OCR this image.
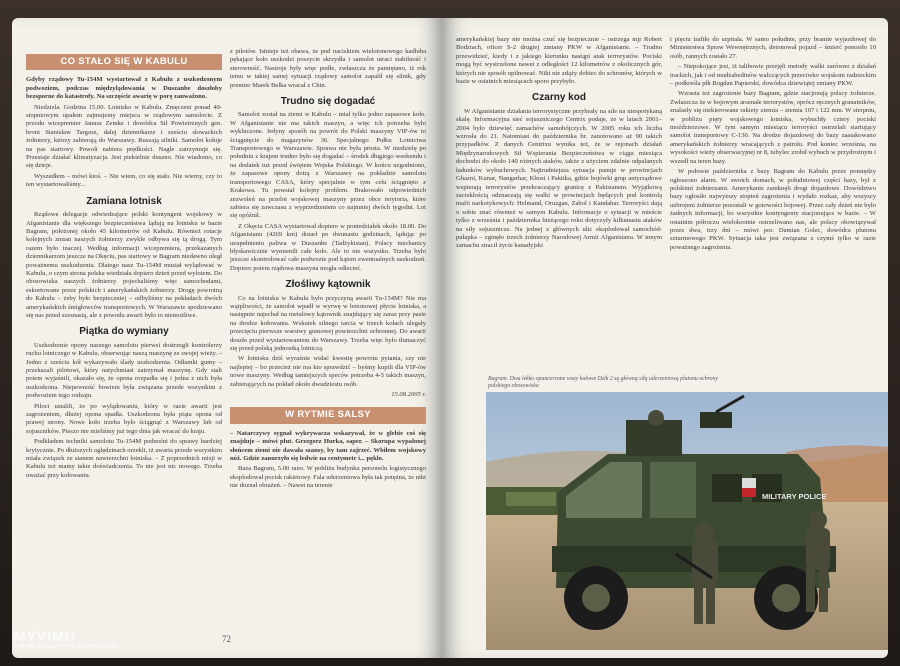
CO STAŁO SIĘ W KABULU

Gdyby rządowy Tu-154M wystartował z Kabulu z uszkodzonym podwoziem, podczas międzylądowania w Duszanbe doszłoby bezsporne do katastrofy. Na szczęście awarię w porę zauważono.

Niedziela. Godzina 15.00. Lotnisko w Kabulu. Zmęczeni ponad 40-stopniowym upałem zajmujemy miejsca w rządowym samolocie. Z przodu wicepremier Janusz Zemke i dowódca Sił Powietrznych gen. broni Stanisław Targosz, dalej dziennikarze i sześciu słowackich żołnierzy, którzy zabierają do Warszawy. Ruszają silniki. Samolot kołuje na pas startowy. Powoli nabiera prędkości. Nagle zatrzymuje się. Przestaje działać klimatyzacja. Jest piekielnie duszno. Nie wiadomo, co się dzieje.

Wyszedłem – mówi ktoś. – Nie wiem, co się stało. Nie wiemy, czy to ten wystartowaliśmy...

Zamiana lotnisk

Rządowe delegacje odwiedzające polski kontyngent wojskowy w Afganistanie dla większego bezpieczeństwa lądują na lotnisku w bazie Bagram, położonej około 45 kilometrów od Kabulu. Również rotacje kolejnych zmian naszych żołnierzy zwykle odbywa się tą drogą. Tym razem było inaczej. Według informacji wicepremiera, przekazanych dziennikarzom jeszcze na Okęciu, pas startowy w Bagram niedawno uległ poważnemu uszkodzeniu. Dlatego nasz Tu-154M musiał wylądować w Kabulu, o czym strona polska wiedziała dopiero dzień przed wylotem. Do obozowiska naszych żołnierzy pojechaliśmy więc samochodami, eskortowane przez polskich i amerykańskich żołnierzy. Drogę powrotną do Kabulu – żeby było bezpieczniej – odbyliśmy na pokładach dwóch amerykańskich śmigłowców transportowych. W Warszawie spodziewano się nas przed szesnastą, ale z powodu awarii było to niemożliwe.

Piątka do wymiany

Uszkodzenie opony naszego samolotu pierwsi dostrzegli kontrolerzy ruchu lotniczego w Kabulu, obserwując naszą maszynę ze swojej wieży. – Jedno z sześciu kół wykazywało ślady uszkodzenia. Odłamki gumy – przekazali pilotowi, który natychmiast zatrzymał maszynę. Gdy stali potem wyjaśnili, okazało się, że opona rozpadła się i jedna z nich była uszkodzona. Niepewność bowiem była związana przede wszystkim z podwoziem tego rodzaju.

Piloci ustalili, że po wylądowaniu, który w razie awarii jest zagrożeniem, dłużej opona spadła. Uszkodzona była piąta opona od prawej strony. Nowe koło trzeba było ściągnąć z Warszawy lub od sojuszników. Pieszo nie mieliśmy już tego dnia jak wracać do kraju.

Podkładem techniki samolotu Tu-154M podnośni do sprawy bardziej krytycznie. Po dłuższych oględzinach orzekli, iż awaria przede wszystkim miała związek ze stanem nawierzchni lotniska. – Z poprzednich misji w Kabulu też mamy takie doświadczenia. To nie jest nic nowego. Trzeba uważać przy kołowaniu.

z pilotów. Istnieje też obawa, że pod naciskiem wielotonowego kadłuba pękające koło uszkodzi poszycie skrzydła i samolot utraci stabilność i sterowność. Nastroje były więc podłe, zwłaszcza że pamiętano, iż rok temu w takiej samej sytuacji rządowy samolot zapalił się silnik, gdy premier Marek Belka wracał z Chin.

Trudno się dogadać

Samolot został na ziemi w Kabulu – miał tylko jedno zapasowe koło. W Afganistanie nie ma takich maszyn, a więc ich potrzeba było wykluczone. Jedyny sposób na powrót do Polski maszyny VIP-ów to ściągnięcie do magazynów 36. Specjalnego Pułku Lotnictwa Transportowego w Warszawie. Sprawa nie była prosta. W niedzielę po południu z krajem trudno było się dogadać – środek długiego weekendu i na dodatek tuż przed świętem Wojska Polskiego. W końcu uzgodniono, że zapasowe opony dotrą z Warszawy na pokładzie samolotu transportowego CASA, który specjalnie w tym celu ściągnięto z Krakowa. Tu powstał kolejny problem. Brakowało odpowiednich zezwoleń na przelot wojskowej maszyny przez obce terytoria, które zabiera się zawczasu z wyprzedzeniem co najmniej dwóch tygodni. Lot się opóźnił.

Z Okęcia CASA wystartował dopiero w poniedziałek około 18.00. Do Afganistanu (4269 km) dotarł po dwunastu godzinach, lądując po uzupełnieniu paliwa w Duszanbe (Tadżykistan). Polscy mechanicy błyskawicznie wymienili całe koło. Ale to nie wszystko. Trzeba było jeszcze skontrolować całe podwozie pod kątem ewentualnych uszkodzeń. Dopiero potem rządowa maszyna mogła odlecieć.

Złośliwy kątownik

Co na lotnisku w Kabulu było przyczyną awarii Tu-154M? Nie ma wątpliwości, że samolot wpadł w wyrwę w betonowej płycie lotniska, a następnie najechał na metalowy kątownik znajdujący się zaraz przy pasie na drodze kołowania. Wskutek silnego tarcia w trzech kołach ulegały przecięciu pierwsze warstwy gumowej powierzchni ochronnej. Do awarii doszło przed wystartowaniem do Warszawy. Trzeba więc było tłumaczyć się przed polską jednostką lotniczą.

W lotnisku dziś wyraźnie widać kwestię powrotu pytania, czy nie najlepiej – bo przecież nie ma kto sprawdzić – byśmy kupili dla VIP-ów nowe maszyny. Według tamtejszych speców potrzeba 4-5 takich maszyn, zabierających na pokład około dwudziestu osób.

15.08.2005 r.
W RYTMIE SALSY

– Natarczywy sygnał wykrywacza wskazywał, że w glebie coś się znajduje – mówi plut. Grzegorz Hurka, saper. – Skorupa wypalonej słońcem ziemi nie dawała szansy, by tam zajrzeć. Wbiłem wojskowy nóż. Gdzie zanurzyło się ledwie na centymetr i... pękło.

Baza Bagram, 5.00 rano. W pobliżu budynku personelu logistycznego eksplodował pocisk rakietowy. Fala uderzeniowa była tak potężna, że nikt nie doznał obrażeń. – Nawet na terenie

72

amerykańskiej bazy nie można czuć się bezpiecznie – ostrzega mjr Robert Bodziach, oficer S-2 drugiej zmiany PKW w Afganistanie. – Trudno przewidzieć, kiedy i z jakiego kierunku nastąpi atak terrorystów. Pociski mogą być wystrzelone nawet z odległości 12 kilometrów z okolicznych gór, których nie sposób upilnować. Nikt nie zdąży dobiec do schronów, których w bazie w ostatnich miesiącach sporo przybyło.

Czarny kod

W Afganistanie działania terrorystyczne przybrały na sile na niespotykaną skalę. Informacyjna sieć sojuszniczego Centrix podaje, że w latach 2001–2004 było dziewięć zamachów samobójczych. W 2005 roku ich liczba wzrosła do 21. Natomiast do października br. zanotowano aż 90 takich przypadków. Z danych Centrixu wynika też, że w rejonach działań Międzynarodowych Sił Wspierania Bezpieczeństwa w ciągu miesiąca dochodzi do około 140 różnych ataków, także z użyciem zdalnie odpalanych ładunków wybuchowych. Najtrudniejsza sytuacja panuje w prowincjach Ghazni, Kunar, Nangarhar, Khost i Paktika, gdzie bojówki grup antyrządowe wspierają terrorystów przekraczający granicę z Pakistanem. Wyjątkową zaciekłością odznaczają się walki w prowincjach będących pod kontrolą mafii narkotykowych: Helmand, Oruzgan, Zabol i Kandahar. Terroryści dają o sobie znać również w samym Kabulu. Informacje o sytuacji w mieście tylko z września i października bieżącego roku dotyczyły kilkunastu ataków na siły sojusznicze. Na jednej z głównych ulic eksplodował samochód-pułapka – zginęło trzech żołnierzy Narodowej Armii Afganistanu. W innym zamachu stracił życie kanadyjski

i pięciu trafiło do szpitala. W samo południe, przy bramie wyjazdowej do Ministerstwa Spraw Wewnętrznych, detonował pojazd – śmierć ponosiło 10 osób, rannych zostało 27.

– Niepokojące jest, iż talibowie przejęli metody walki zarówno z działań irackich, jak i od mudżahedinów walczących przeciwko wojskom radzieckim – podkreśla płk Bogdan Papierski, dowódca dziewiątej zmiany PKW.

Wzrasta też zagrożenie bazy Bagram, gdzie stacjonują polscy żołnierze. Zwłaszcza że w bojowym arsenale terrorystów, oprócz ręcznych granatników, znalazły się niekierowane rakiety ziemia – ziemia 107 i 122 mm. W sierpniu, w pobliżu pięty wojskowego lotniska, wybuchły cztery pociski moździerzowe. W tym samym miesiącu terroryści ostrzelali startujący samolot transportowy C-130. Na drodze dojazdowej do bazy zaatakowano amerykańskich żołnierzy wracających z patrolu. Pod koniec września, na wysokości wieży obserwacyjnej nr 8, tubylec zrobił wybuch w przydrożnym i wszedł na teren bazy.

W połowie października z bazy Bagram do Kabulu przez pomiędzy ogłoszono alarm. W swoich domach, w południowej części bazy, był z polskimi żołnierzami. Amerykanie zamknęli drogi dojazdowe. Dowództwo bazy ogłosiło najwyższy stopień zagrożenia i wydało rozkaz, aby wszyscy uzbrojeni żołnierze pozostali w gotowości bojowej. Przez cały dzień nie było żadnych informacji, bo wszystkie kontyngenty stacjonujące w bazie. – W ostatnim półroczu wielokrotnie ostrzeliwano nas, ale polscy obowiązywał przez dwa, trzy dni – mówi por. Damian Golec, dowódca plutonu szturmowego PKW. Sytuacja taka jest związana z czymś tylko w razie poważnego zagrożenia.

Bagram. Dwa lekko opancerzone wozy kołowe Dzik 2 są główną siłą uderzeniową plutonu ochrony polskiego obozowiska
MILITARY POLICE
MYVIMU
THE MY COLLECTION COMPANIONS
